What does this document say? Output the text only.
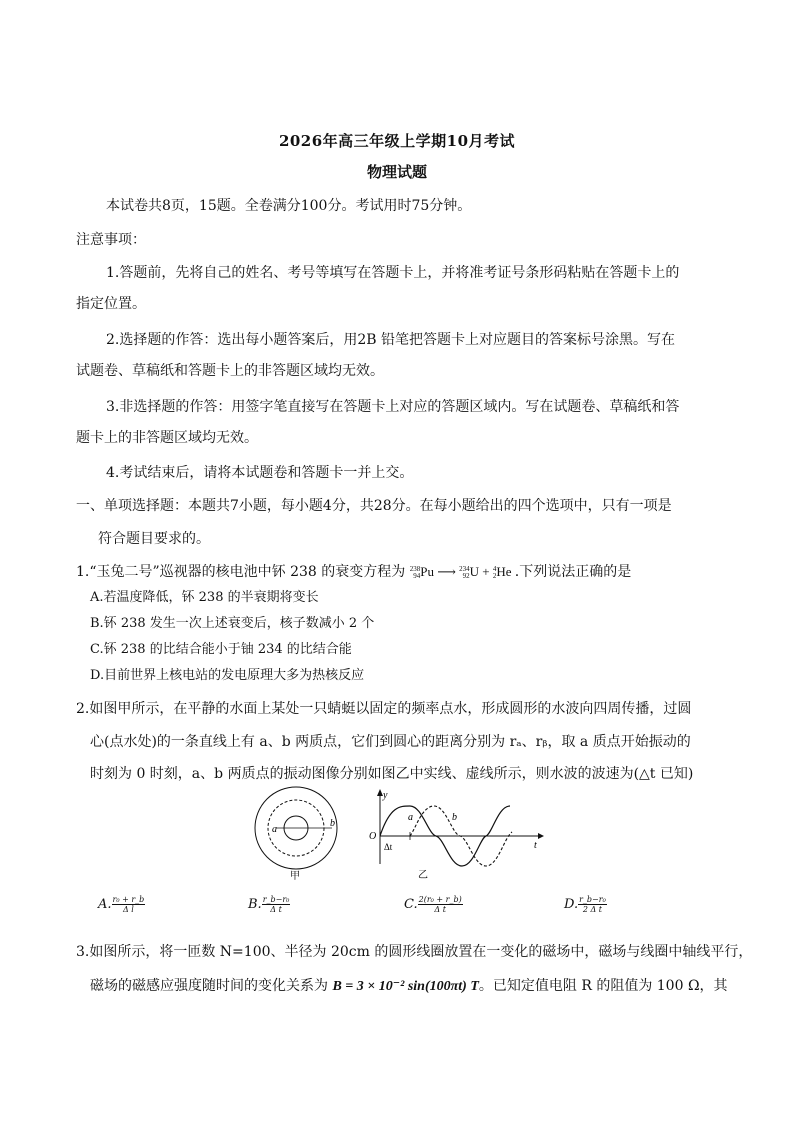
2026年高三年级上学期10月考试
物理试题
本试卷共8页，15题。全卷满分100分。考试用时75分钟。
注意事项：
1.答题前，先将自己的姓名、考号等填写在答题卡上，并将准考证号条形码粘贴在答题卡上的
指定位置。
2.选择题的作答：选出每小题答案后，用2B 铅笔把答题卡上对应题目的答案标号涂黑。写在
试题卷、草稿纸和答题卡上的非答题区域均无效。
3.非选择题的作答：用签字笔直接写在答题卡上对应的答题区域内。写在试题卷、草稿纸和答
题卡上的非答题区域均无效。
4.考试结束后，请将本试题卷和答题卡一并上交。
一、单项选择题：本题共7小题，每小题4分，共28分。在每小题给出的四个选项中，只有一项是
符合题目要求的。
1.“玉兔二号”巡视器的核电池中钚 238 的衰变方程为 238
94 Pu ⟶ 234
92 U + 4
2 He .下列说法正确的是
A.若温度降低，钚 238 的半衰期将变长
B.钚 238 发生一次上述衰变后，核子数减小 2 个
C.钚 238 的比结合能小于铀 234 的比结合能
D.目前世界上核电站的发电原理大多为热核反应
2.如图甲所示，在平静的水面上某处一只蜻蜓以固定的频率点水，形成圆形的水波向四周传播，过圆
心(点水处)的一条直线上有 a、b 两质点，它们到圆心的距离分别为 rₐ、rᵦ，取 a 质点开始振动的
时刻为 0 时刻，a、b 两质点的振动图像分别如图乙中实线、虚线所示，则水波的波速为(△t 已知)
a
b
甲
y
O
t
a	b
Δt
乙
A. $\frac{\text{r₀ + r\_b}}{\text{Δ l}}$	B. $\frac{\text{r\_b−r₀}}{\text{Δ t}}$	C. $\frac{\text{2(r₀ + r\_b)}}{\text{Δ t}}$	D. $\frac{\text{r\_b−r₀}}{\text{2 Δ t}}$
3.如图所示，将一匝数 N=100、半径为 20cm 的圆形线圈放置在一变化的磁场中，磁场与线圈中轴线平行，
磁场的磁感应强度随时间的变化关系为 B = 3 × 10⁻² sin(100πt) T。已知定值电阻 R 的阻值为 100 Ω，其
